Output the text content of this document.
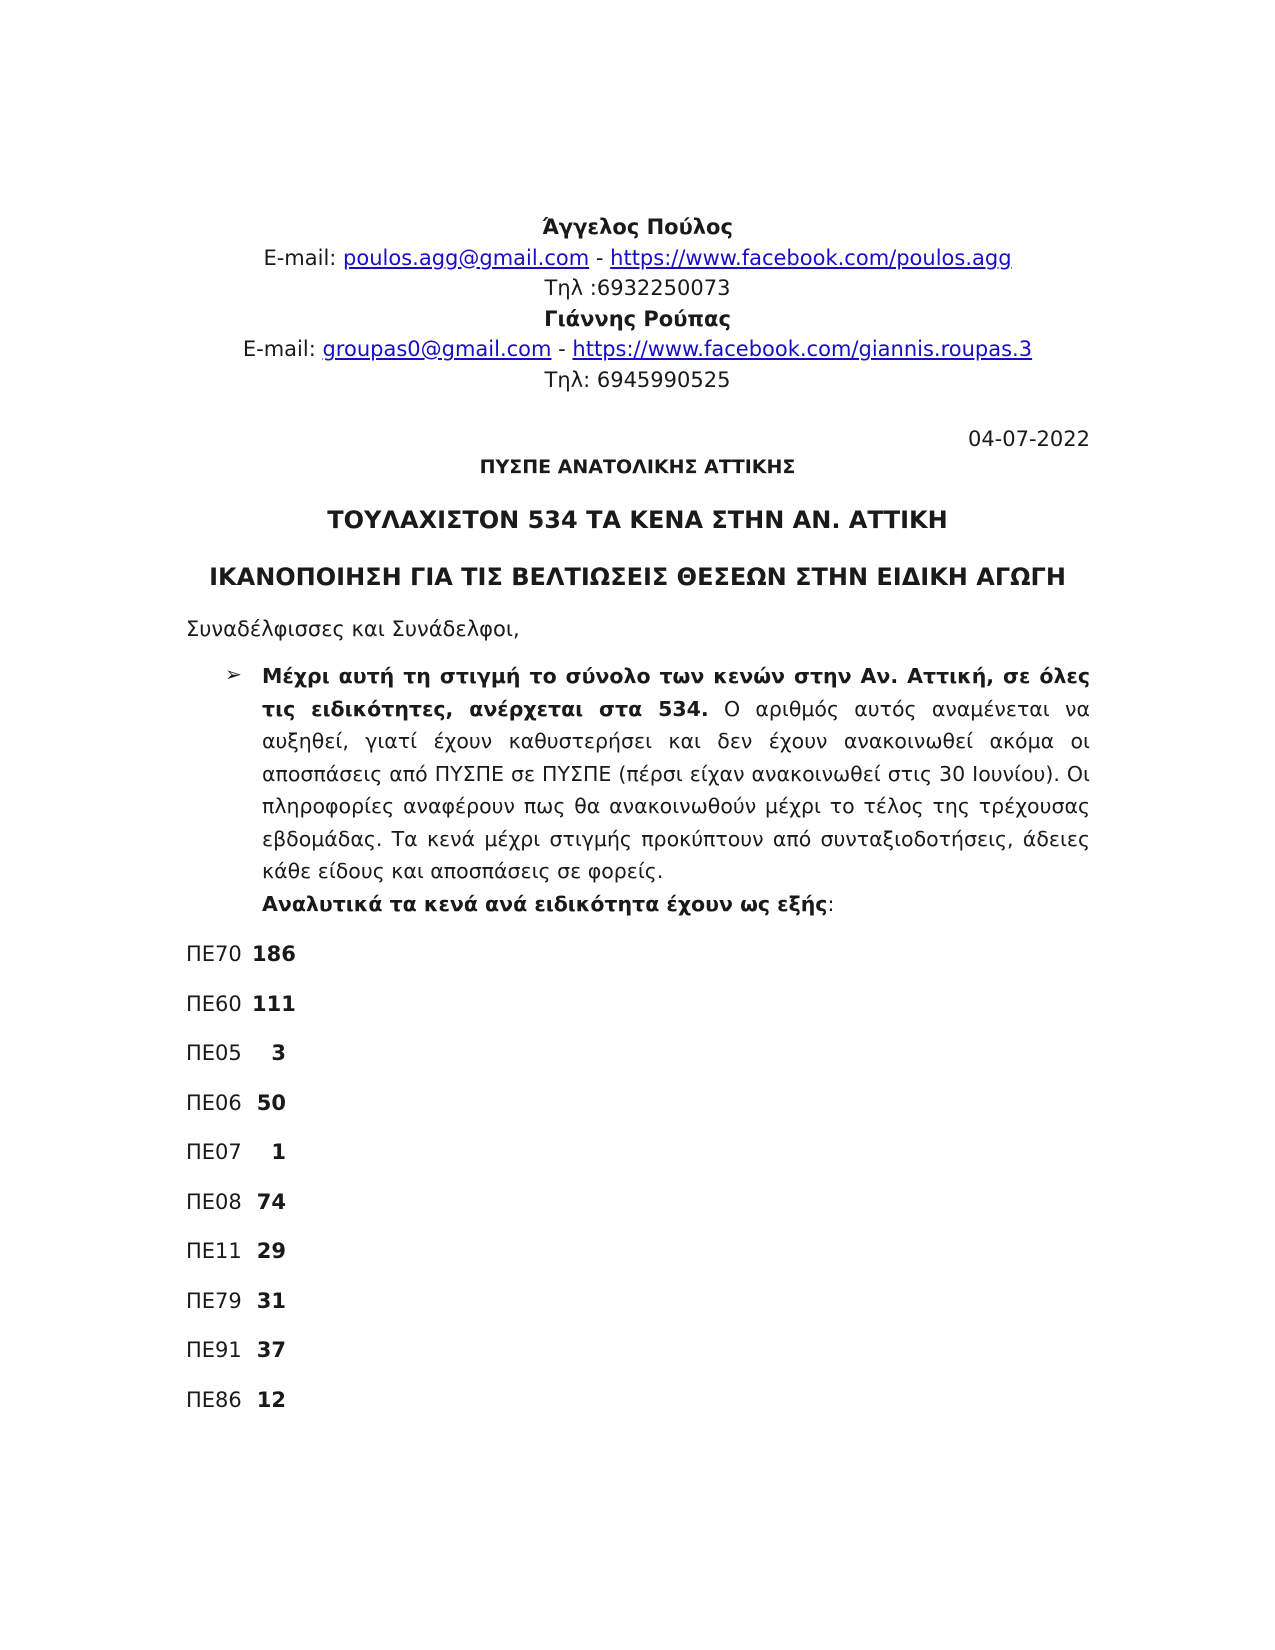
Άγγελος Πούλος
E-mail: poulos.agg@gmail.com - https://www.facebook.com/poulos.agg
Τηλ :6932250073
Γιάννης Ρούπας
E-mail: groupas0@gmail.com - https://www.facebook.com/giannis.roupas.3
Τηλ: 6945990525
04-07-2022
ΠΥΣΠΕ ΑΝΑΤΟΛΙΚΗΣ ΑΤΤΙΚΗΣ
ΤΟΥΛΑΧΙΣΤΟΝ 534 ΤΑ ΚΕΝΑ ΣΤΗΝ ΑΝ. ΑΤΤΙΚΗ
ΙΚΑΝΟΠΟΙΗΣΗ ΓΙΑ ΤΙΣ ΒΕΛΤΙΩΣΕΙΣ ΘΕΣΕΩΝ ΣΤΗΝ ΕΙΔΙΚΗ ΑΓΩΓΗ
Συναδέλφισσες και Συνάδελφοι,
➢ Μέχρι αυτή τη στιγμή το σύνολο των κενών στην Αν. Αττική, σε όλες τις ειδικότητες, ανέρχεται στα 534. Ο αριθμός αυτός αναμένεται να αυξηθεί, γιατί έχουν καθυστερήσει και δεν έχουν ανακοινωθεί ακόμα οι αποσπάσεις από ΠΥΣΠΕ σε ΠΥΣΠΕ (πέρσι είχαν ανακοινωθεί στις 30 Ιουνίου). Οι πληροφορίες αναφέρουν πως θα ανακοινωθούν μέχρι το τέλος της τρέχουσας εβδομάδας. Τα κενά μέχρι στιγμής προκύπτουν από συνταξιοδοτήσεις, άδειες κάθε είδους και αποσπάσεις σε φορείς.
Αναλυτικά τα κενά ανά ειδικότητα έχουν ως εξής:
ΠΕ70 186
ΠΕ60 111
ΠΕ05	3
ΠΕ06 50
ΠΕ07	1
ΠΕ08 74
ΠΕ11 29
ΠΕ79 31
ΠΕ91 37
ΠΕ86 12
